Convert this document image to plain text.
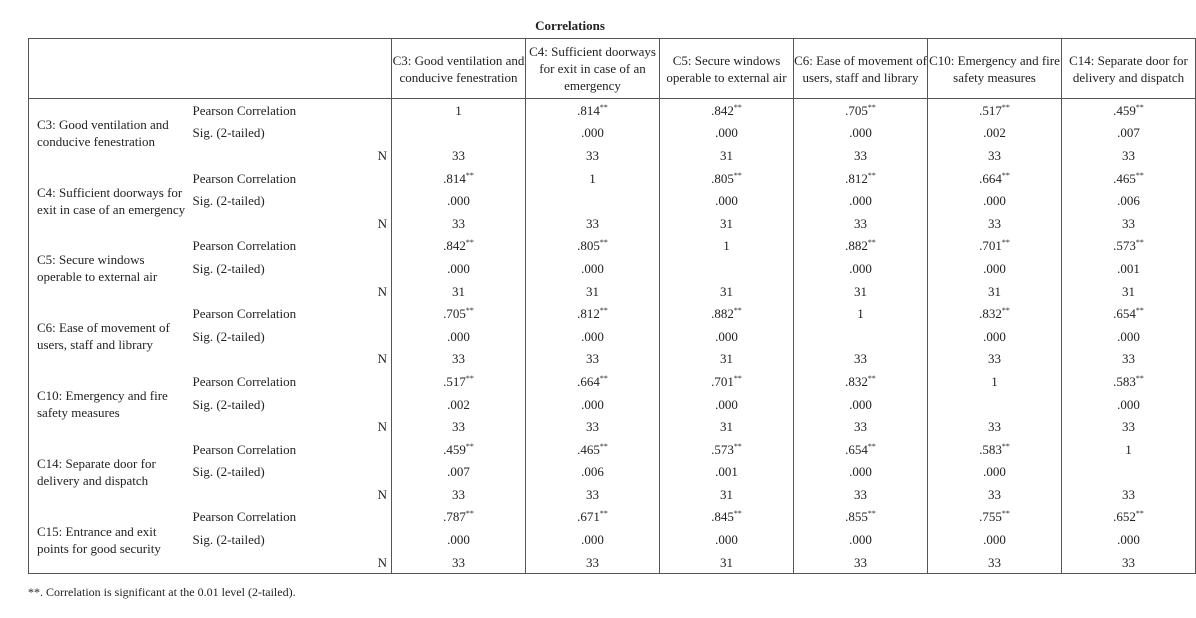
Correlations
		C3: Good ventilation and conducive fenestration	C4: Sufficient doorways for exit in case of an emergency	C5: Secure windows operable to external air	C6: Ease of movement of users, staff and library	C10: Emergency and fire safety measures	C14: Separate door for delivery and dispatch
C3: Good ventilation and conducive fenestration	Pearson Correlation	1	.814**	.842**	.705**	.517**	.459**
	Sig. (2-tailed)		.000	.000	.000	.002	.007
	N	33	33	31	33	33	33
C4: Sufficient doorways for exit in case of an emergency	Pearson Correlation	.814**	1	.805**	.812**	.664**	.465**
	Sig. (2-tailed)	.000		.000	.000	.000	.006
	N	33	33	31	33	33	33
C5: Secure windows operable to external air	Pearson Correlation	.842**	.805**	1	.882**	.701**	.573**
	Sig. (2-tailed)	.000	.000		.000	.000	.001
	N	31	31	31	31	31	31
C6: Ease of movement of users, staff and library	Pearson Correlation	.705**	.812**	.882**	1	.832**	.654**
	Sig. (2-tailed)	.000	.000	.000		.000	.000
	N	33	33	31	33	33	33
C10: Emergency and fire safety measures	Pearson Correlation	.517**	.664**	.701**	.832**	1	.583**
	Sig. (2-tailed)	.002	.000	.000	.000		.000
	N	33	33	31	33	33	33
C14: Separate door for delivery and dispatch	Pearson Correlation	.459**	.465**	.573**	.654**	.583**	1
	Sig. (2-tailed)	.007	.006	.001	.000	.000	
	N	33	33	31	33	33	33
C15: Entrance and exit points for good security	Pearson Correlation	.787**	.671**	.845**	.855**	.755**	.652**
	Sig. (2-tailed)	.000	.000	.000	.000	.000	.000
	N	33	33	31	33	33	33
**. Correlation is significant at the 0.01 level (2-tailed).
